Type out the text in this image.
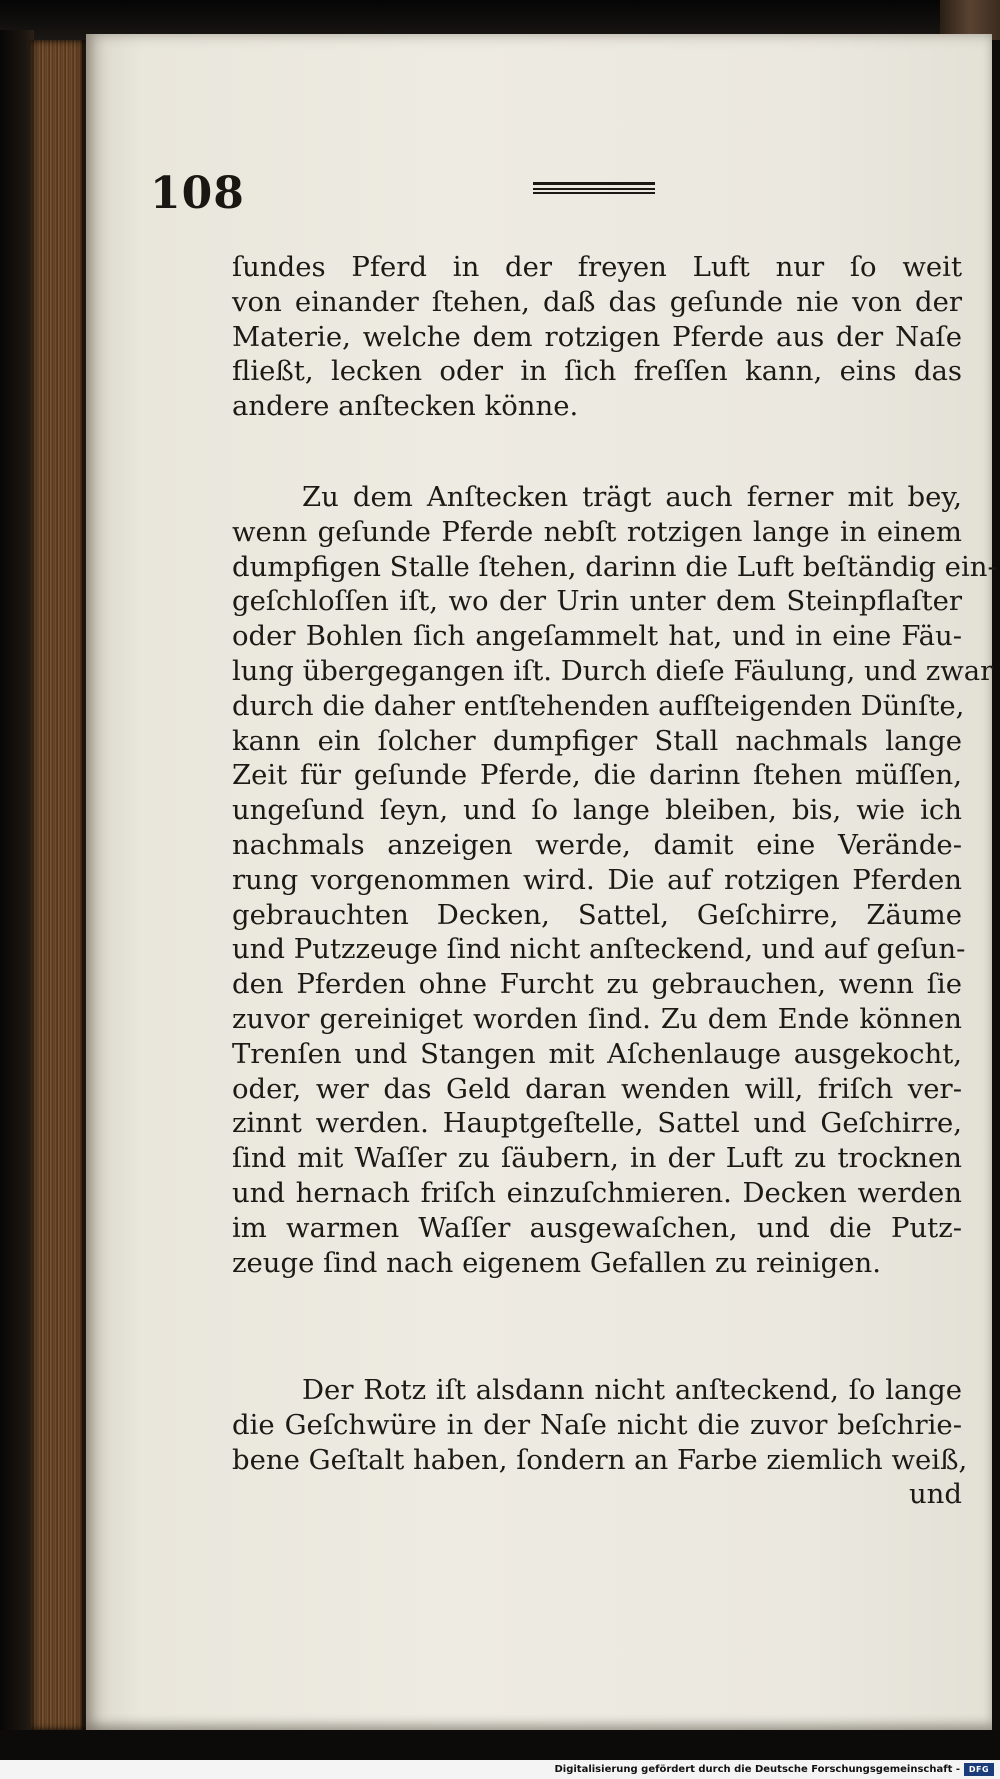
108
ſundes Pferd in der freyen Luft nur ſo weit
von einander ſtehen, daß das geſunde nie von der
Materie, welche dem rotzigen Pferde aus der Naſe
fließt, lecken oder in ſich freſſen kann, eins das
andere anſtecken könne.
Zu dem Anſtecken trägt auch ferner mit bey,
wenn geſunde Pferde nebſt rotzigen lange in einem
dumpfigen Stalle ſtehen, darinn die Luft beſtändig ein-
geſchloſſen iſt, wo der Urin unter dem Steinpflaſter
oder Bohlen ſich angeſammelt hat, und in eine Fäu-
lung übergegangen iſt. Durch dieſe Fäulung, und zwar
durch die daher entſtehenden aufſteigenden Dünſte,
kann ein ſolcher dumpfiger Stall nachmals lange
Zeit für geſunde Pferde, die darinn ſtehen müſſen,
ungeſund ſeyn, und ſo lange bleiben, bis, wie ich
nachmals anzeigen werde, damit eine Verände-
rung vorgenommen wird. Die auf rotzigen Pferden
gebrauchten Decken, Sattel, Geſchirre, Zäume
und Putzzeuge ſind nicht anſteckend, und auf geſun-
den Pferden ohne Furcht zu gebrauchen, wenn ſie
zuvor gereiniget worden ſind. Zu dem Ende können
Trenſen und Stangen mit Aſchenlauge ausgekocht,
oder, wer das Geld daran wenden will, friſch ver-
zinnt werden. Hauptgeſtelle, Sattel und Geſchirre,
ſind mit Waſſer zu ſäubern, in der Luft zu trocknen
und hernach friſch einzuſchmieren. Decken werden
im warmen Waſſer ausgewaſchen, und die Putz-
zeuge ſind nach eigenem Gefallen zu reinigen.
Der Rotz iſt alsdann nicht anſteckend, ſo lange
die Geſchwüre in der Naſe nicht die zuvor beſchrie-
bene Geſtalt haben, ſondern an Farbe ziemlich weiß,
und
Digitalisierung gefördert durch die Deutsche Forschungsgemeinschaft -	DFG
